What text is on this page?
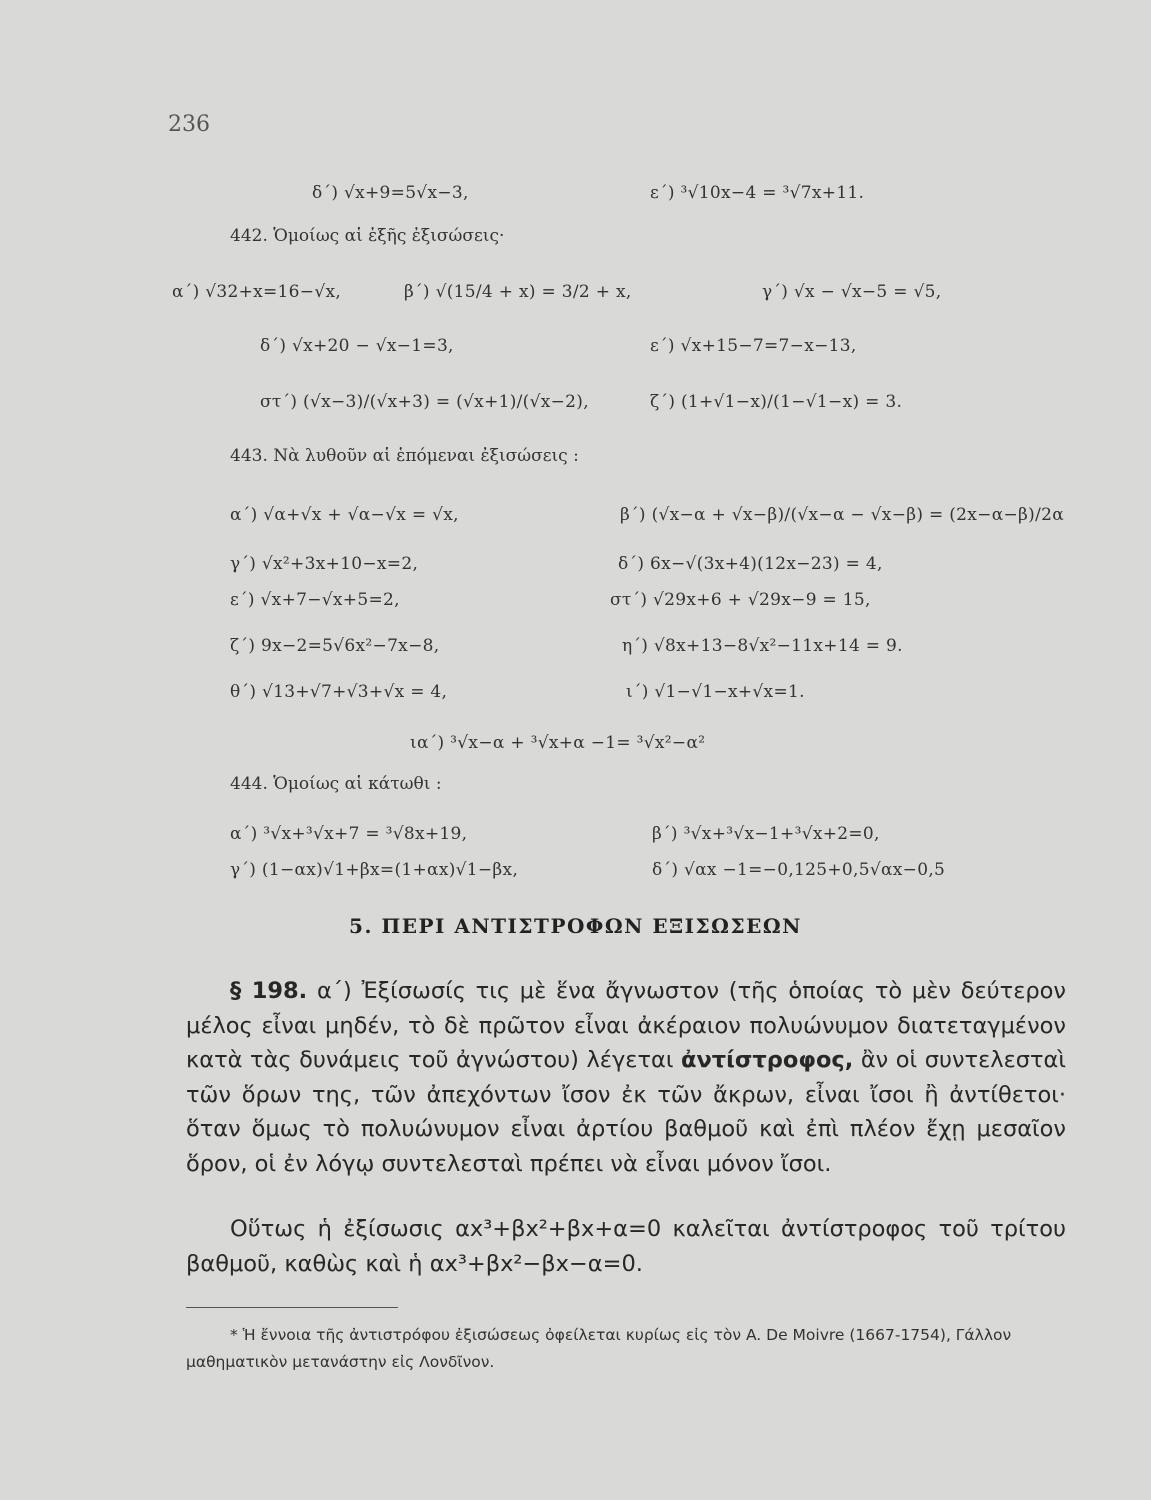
236
δ΄) √x+9=5√x−3,	ε΄) ³√10x−4 = ³√7x+11.
442. Ὁμοίως αἱ ἑξῆς ἐξισώσεις·
α΄) √32+x=16−√x,	β΄) √(15/4 + x) = 3/2 + x,	γ΄) √x − √x−5 = √5,
δ΄) √x+20 − √x−1=3,	ε΄) √x+15−7=7−x−13,
στ΄) (√x−3)/(√x+3) = (√x+1)/(√x−2),	ζ΄) (1+√1−x)/(1−√1−x) = 3.
443. Νὰ λυθοῦν αἱ ἑπόμεναι ἐξισώσεις :
α΄) √α+√x + √α−√x = √x,	β΄) (√x−α + √x−β)/(√x−α − √x−β) = (2x−α−β)/2α
γ΄) √x²+3x+10−x=2,	δ΄) 6x−√(3x+4)(12x−23) = 4,
ε΄) √x+7−√x+5=2,	στ΄) √29x+6 + √29x−9 = 15,
ζ΄) 9x−2=5√6x²−7x−8,	η΄) √8x+13−8√x²−11x+14 = 9.
θ΄) √13+√7+√3+√x = 4,	ι΄) √1−√1−x+√x=1.
ια΄) ³√x−α + ³√x+α −1= ³√x²−α²
444. Ὁμοίως αἱ κάτωθι :
α΄) ³√x+³√x+7 = ³√8x+19,	β΄) ³√x+³√x−1+³√x+2=0,
γ΄) (1−αx)√1+βx=(1+αx)√1−βx,	δ΄) √αx −1=−0,125+0,5√αx−0,5
5. ΠΕΡΙ ΑΝΤΙΣΤΡΟΦΩΝ ΕΞΙΣΩΣΕΩΝ
§ 198. α΄) Ἐξίσωσίς τις μὲ ἕνα ἄγνωστον (τῆς ὁποίας τὸ μὲν δεύτερον μέλος εἶναι μηδέν, τὸ δὲ πρῶτον εἶναι ἀκέραιον πολυώνυμον διατεταγμένον κατὰ τὰς δυνάμεις τοῦ ἀγνώστου) λέγεται ἀντίστροφος, ἂν οἱ συντελεσταὶ τῶν ὅρων της, τῶν ἀπεχόντων ἴσον ἐκ τῶν ἄκρων, εἶναι ἴσοι ἢ ἀντίθετοι· ὅταν ὅμως τὸ πολυώνυμον εἶναι ἀρτίου βαθμοῦ καὶ ἐπὶ πλέον ἔχῃ μεσαῖον ὅρον, οἱ ἐν λόγῳ συντελεσταὶ πρέπει νὰ εἶναι μόνον ἴσοι.
Οὕτως ἡ ἐξίσωσις αx³+βx²+βx+α=0 καλεῖται ἀντίστροφος τοῦ τρίτου βαθμοῦ, καθὼς καὶ ἡ αx³+βx²−βx−α=0.
* Ἡ ἔννοια τῆς ἀντιστρόφου ἐξισώσεως ὀφείλεται κυρίως εἰς τὸν A. De Moivre (1667-1754), Γάλλον μαθηματικὸν μετανάστην εἰς Λονδῖνον.
